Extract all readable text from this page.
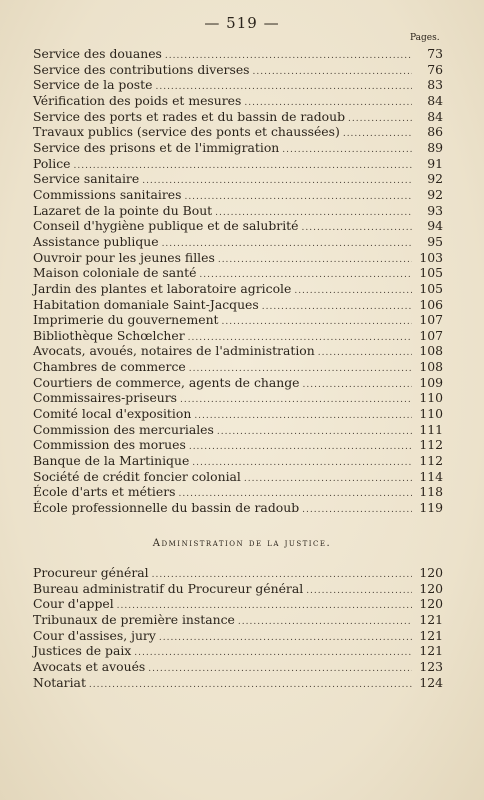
— 519 —
Pages.
Service des douanes .....	73
Service des contributions diverses .....	76
Service de la poste .....	83
Vérification des poids et mesures .....	84
Service des ports et rades et du bassin de radoub .....	84
Travaux publics (service des ponts et chaussées) .....	86
Service des prisons et de l'immigration .....	89
Police .....	91
Service sanitaire .....	92
Commissions sanitaires .....	92
Lazaret de la pointe du Bout .....	93
Conseil d'hygiène publique et de salubrité .....	94
Assistance publique .....	95
Ouvroir pour les jeunes filles .....	103
Maison coloniale de santé .....	105
Jardin des plantes et laboratoire agricole .....	105
Habitation domaniale Saint-Jacques .....	106
Imprimerie du gouvernement .....	107
Bibliothèque Schœlcher .....	107
Avocats, avoués, notaires de l'administration .....	108
Chambres de commerce .....	108
Courtiers de commerce, agents de change .....	109
Commissaires-priseurs .....	110
Comité local d'exposition .....	110
Commission des mercuriales .....	111
Commission des morues .....	112
Banque de la Martinique .....	112
Société de crédit foncier colonial .....	114
École d'arts et métiers .....	118
École professionnelle du bassin de radoub .....	119
Administration de la justice.
Procureur général .....	120
Bureau administratif du Procureur général .....	120
Cour d'appel .....	120
Tribunaux de première instance .....	121
Cour d'assises, jury .....	121
Justices de paix .....	121
Avocats et avoués .....	123
Notariat .....	124
